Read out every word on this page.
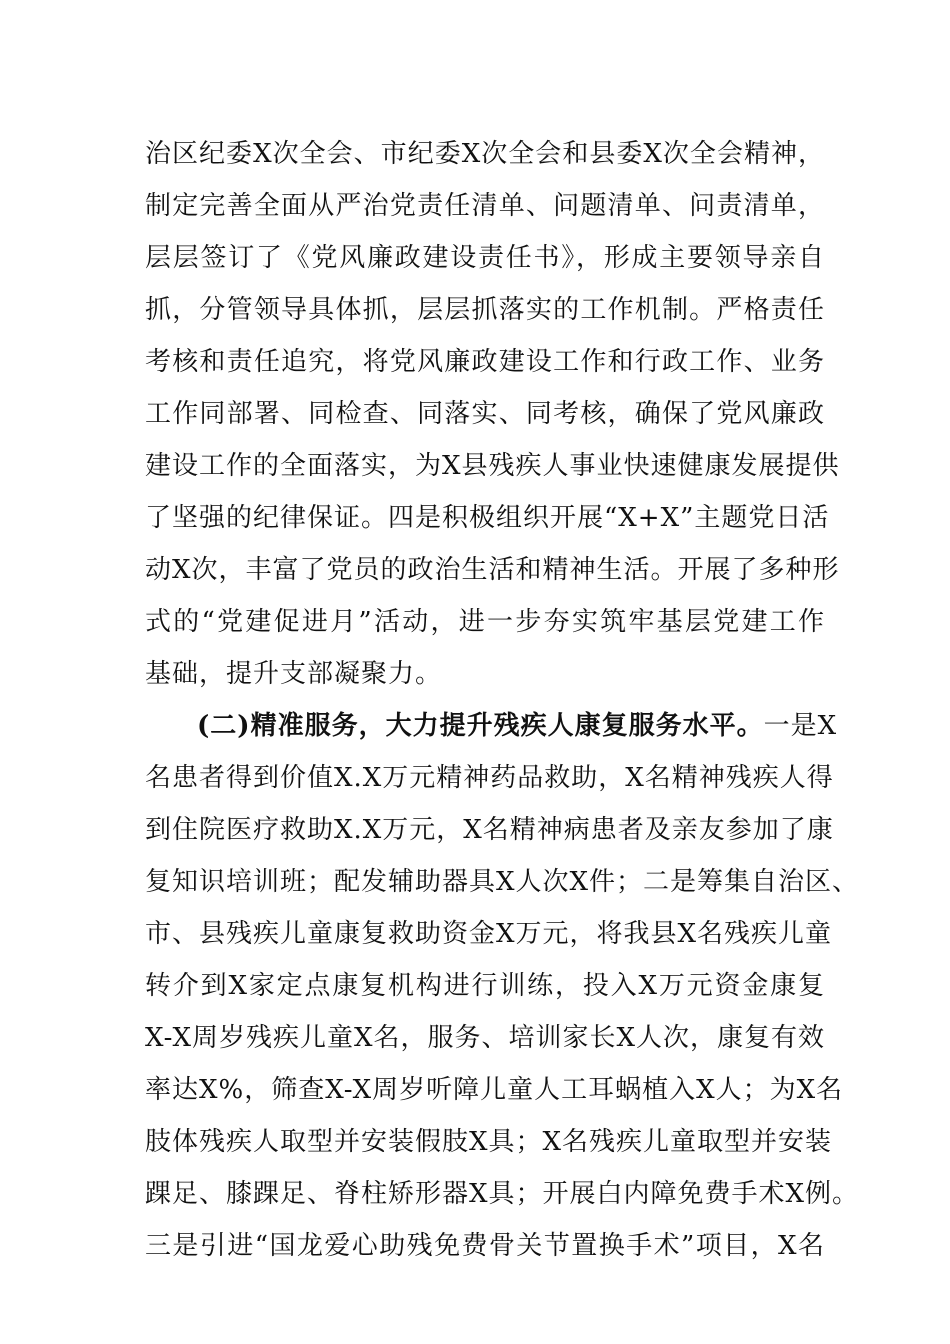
治区纪委X次全会、市纪委X次全会和县委X次全会精神，
制定完善全面从严治党责任清单、问题清单、问责清单，
层层签订了《党风廉政建设责任书》，形成主要领导亲自
抓，分管领导具体抓，层层抓落实的工作机制。严格责任
考核和责任追究，将党风廉政建设工作和行政工作、业务
工作同部署、同检查、同落实、同考核，确保了党风廉政
建设工作的全面落实，为X县残疾人事业快速健康发展提供
了坚强的纪律保证。四是积极组织开展“X+X”主题党日活
动X次，丰富了党员的政治生活和精神生活。开展了多种形
式的“党建促进月”活动，进一步夯实筑牢基层党建工作
基础，提升支部凝聚力。
(二)精准服务，大力提升残疾人康复服务水平。一是X
名患者得到价值X.X万元精神药品救助，X名精神残疾人得
到住院医疗救助X.X万元，X名精神病患者及亲友参加了康
复知识培训班；配发辅助器具X人次X件；二是筹集自治区、
市、县残疾儿童康复救助资金X万元，将我县X名残疾儿童
转介到X家定点康复机构进行训练，投入X万元资金康复
X-X周岁残疾儿童X名，服务、培训家长X人次，康复有效
率达X%，筛查X-X周岁听障儿童人工耳蜗植入X人；为X名
肢体残疾人取型并安装假肢X具；X名残疾儿童取型并安装
踝足、膝踝足、脊柱矫形器X具；开展白内障免费手术X例。
三是引进“国龙爱心助残免费骨关节置换手术”项目，X名
